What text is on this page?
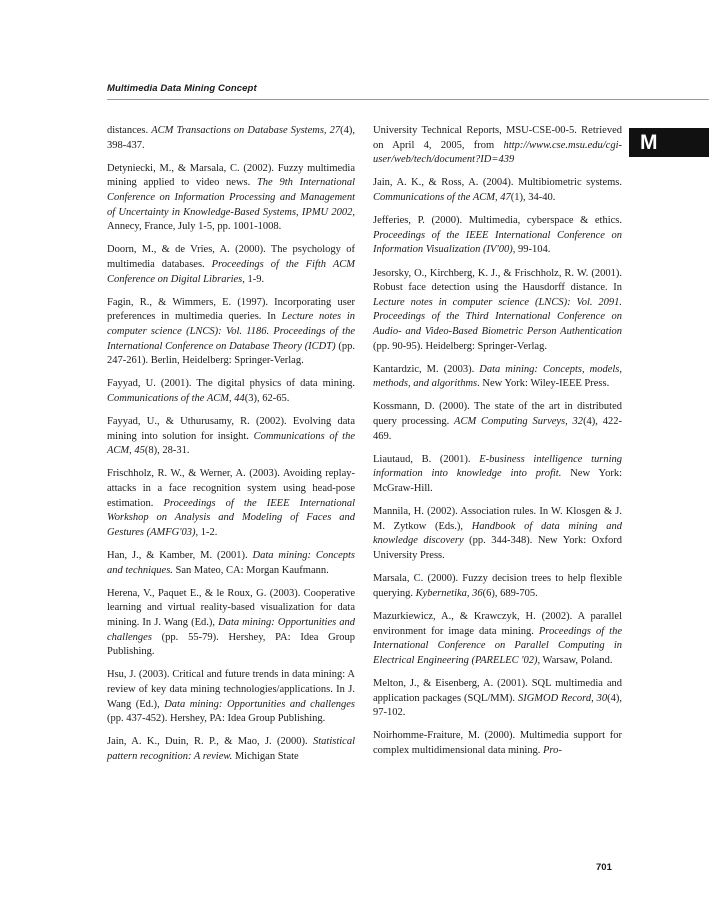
Multimedia Data Mining Concept
M

distances. ACM Transactions on Database Systems, 27(4), 398-437.

Detyniecki, M., & Marsala, C. (2002). Fuzzy multimedia mining applied to video news. The 9th International Conference on Information Processing and Management of Uncertainty in Knowledge-Based Systems, IPMU 2002, Annecy, France, July 1-5, pp. 1001-1008.

Doorn, M., & de Vries, A. (2000). The psychology of multimedia databases. Proceedings of the Fifth ACM Conference on Digital Libraries, 1-9.

Fagin, R., & Wimmers, E. (1997). Incorporating user preferences in multimedia queries. In Lecture notes in computer science (LNCS): Vol. 1186. Proceedings of the International Conference on Database Theory (ICDT) (pp. 247-261). Berlin, Heidelberg: Springer-Verlag.

Fayyad, U. (2001). The digital physics of data mining. Communications of the ACM, 44(3), 62-65.

Fayyad, U., & Uthurusamy, R. (2002). Evolving data mining into solution for insight. Communications of the ACM, 45(8), 28-31.

Frischholz, R. W., & Werner, A. (2003). Avoiding replay-attacks in a face recognition system using head-pose estimation. Proceedings of the IEEE International Workshop on Analysis and Modeling of Faces and Gestures (AMFG'03), 1-2.

Han, J., & Kamber, M. (2001). Data mining: Concepts and techniques. San Mateo, CA: Morgan Kaufmann.

Herena, V., Paquet E., & le Roux, G. (2003). Cooperative learning and virtual reality-based visualization for data mining. In J. Wang (Ed.), Data mining: Opportunities and challenges (pp. 55-79). Hershey, PA: Idea Group Publishing.

Hsu, J. (2003). Critical and future trends in data mining: A review of key data mining technologies/applications. In J. Wang (Ed.), Data mining: Opportunities and challenges (pp. 437-452). Hershey, PA: Idea Group Publishing.

Jain, A. K., Duin, R. P., & Mao, J. (2000). Statistical pattern recognition: A review. Michigan State

University Technical Reports, MSU-CSE-00-5. Retrieved on April 4, 2005, from http://www.cse.msu.edu/cgi-user/web/tech/document?ID=439

Jain, A. K., & Ross, A. (2004). Multibiometric systems. Communications of the ACM, 47(1), 34-40.

Jefferies, P. (2000). Multimedia, cyberspace & ethics. Proceedings of the IEEE International Conference on Information Visualization (IV'00), 99-104.

Jesorsky, O., Kirchberg, K. J., & Frischholz, R. W. (2001). Robust face detection using the Hausdorff distance. In Lecture notes in computer science (LNCS): Vol. 2091. Proceedings of the Third International Conference on Audio- and Video-Based Biometric Person Authentication (pp. 90-95). Heidelberg: Springer-Verlag.

Kantardzic, M. (2003). Data mining: Concepts, models, methods, and algorithms. New York: Wiley-IEEE Press.

Kossmann, D. (2000). The state of the art in distributed query processing. ACM Computing Surveys, 32(4), 422-469.

Liautaud, B. (2001). E-business intelligence turning information into knowledge into profit. New York: McGraw-Hill.

Mannila, H. (2002). Association rules. In W. Klosgen & J. M. Zytkow (Eds.), Handbook of data mining and knowledge discovery (pp. 344-348). New York: Oxford University Press.

Marsala, C. (2000). Fuzzy decision trees to help flexible querying. Kybernetika, 36(6), 689-705.

Mazurkiewicz, A., & Krawczyk, H. (2002). A parallel environment for image data mining. Proceedings of the International Conference on Parallel Computing in Electrical Engineering (PARELEC '02), Warsaw, Poland.

Melton, J., & Eisenberg, A. (2001). SQL multimedia and application packages (SQL/MM). SIGMOD Record, 30(4), 97-102.

Noirhomme-Fraiture, M. (2000). Multimedia support for complex multidimensional data mining. Pro-

701
